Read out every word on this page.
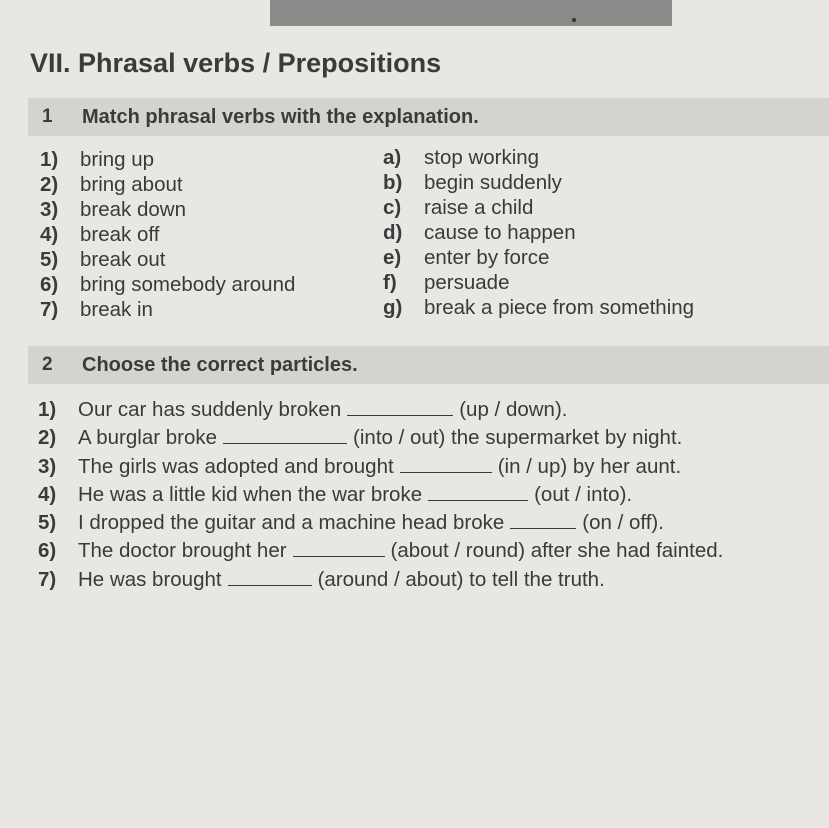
VII. Phrasal verbs / Prepositions
1 Match phrasal verbs with the explanation.
1) bring up
2) bring about
3) break down
4) break off
5) break out
6) bring somebody around
7) break in
a) stop working
b) begin suddenly
c) raise a child
d) cause to happen
e) enter by force
f) persuade
g) break a piece from something
2 Choose the correct particles.
1) Our car has suddenly broken	(up / down).
2) A burglar broke	(into / out) the supermarket by night.
3) The girls was adopted and brought	(in / up) by her aunt.
4) He was a little kid when the war broke	(out / into).
5) I dropped the guitar and a machine head broke	(on / off).
6) The doctor brought her	(about / round) after she had fainted.
7) He was brought	(around / about) to tell the truth.
